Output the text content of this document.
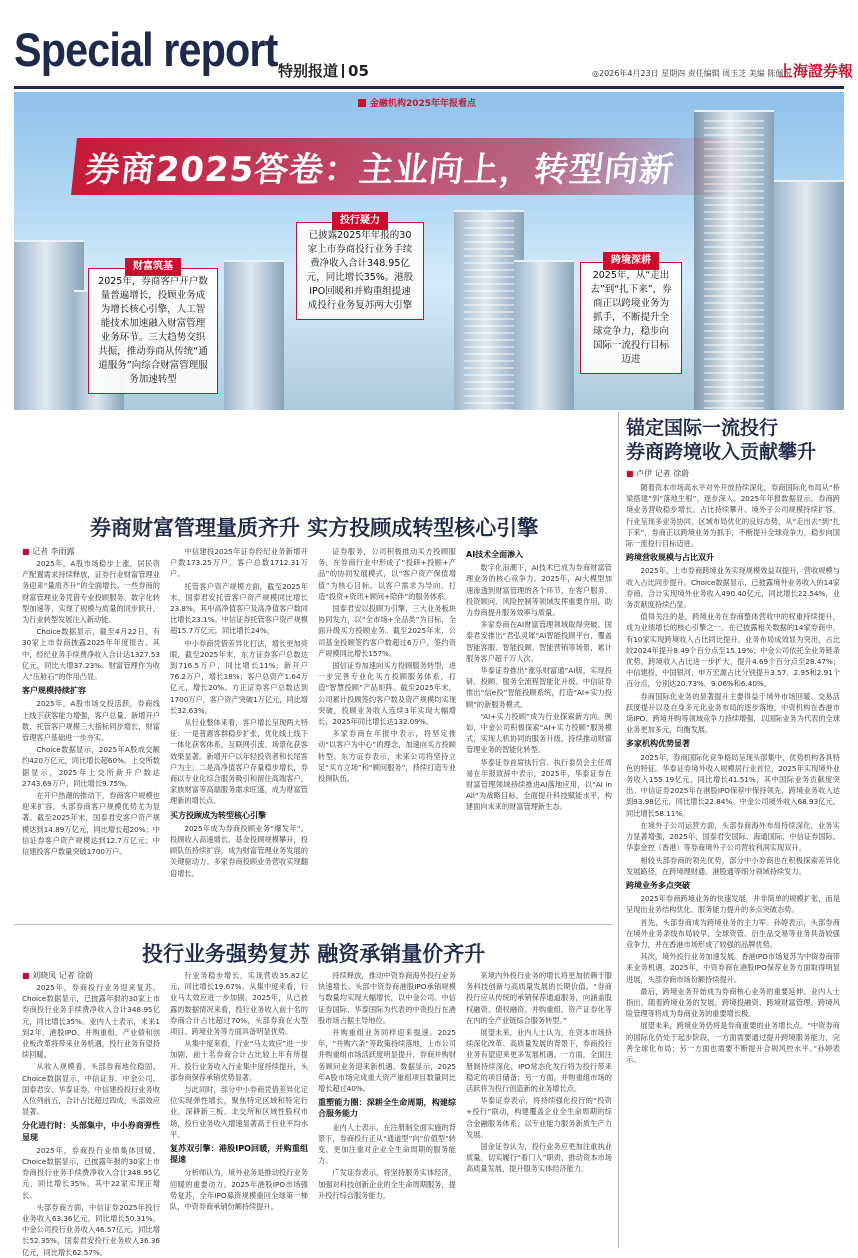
Special report 特别报道 05	◎2026年4月23日 星期四 责任编辑 周玉芝 美编 陈佩祝
上海證券報
金融机构2025年年报看点
券商2025答卷：主业向上，转型向新
财富筑基
2025年，券商客户开户数量普遍增长，投顾业务成为增长核心引擎，人工智能技术加速融入财富管理业务环节。三大趋势交织共振，推动券商从传统“通道服务”向综合财富管理服务加速转型
投行疑力
已披露2025年年报的30家上市券商投行业务手续费净收入合计348.95亿元，同比增长35%。港股IPO回暖和并购重组提速成投行业务复苏两大引擎
跨境深耕
2025年，从“走出去”到“扎下来”，券商正以跨境业务为抓手，不断提升全球竞争力，稳步向国际一流投行目标迈进
锚定国际一流投行
券商跨境收入贡献攀升
■ 卢伊 记者 徐蔚

随着资本市场高水平对外开放持续深化，券商国际化布局从“桥梁搭建”到“落地生根”，逐步深入。2025年年报数据显示，券商跨境业务营收稳步增长、占比持续攀升。境外子公司规模持续扩容，行业呈现多业务协同、区域布局优化的良好态势，从“走出去”到“扎下来”，券商正以跨境业务为抓手，不断提升全球竞争力，稳步向国际一流投行目标迈进。

跨境营收规模与占比双升

2025年，上市券商跨境业务实现规模效益双提升，营收规模与收入占比同步提升。Choice数据显示，已披露境外业务收入的14家券商，合计实现境外业务收入490.40亿元，同比增长22.54%，业务贡献度持续凸显。

值得关注的是，跨境业务在券商整体营收中的权重持续提升，成为业绩增长的核心引擎之一。在已披露相关数据的14家券商中，有10家实现跨境收入占比同比提升，业务布局成效显为突出，占比较2024年提升8.49个百分点至15.19%；中金公司依托全业务链条优势，跨境收入占比进一步扩大，提升4.69个百分点至28.47%；中信建投、中国银河、申万宏源占比分别提升3.57、2.95和2.91个百分点，分别达20.73%、9.06%和6.40%。

券商国际化业务的显著提升主要得益于境外市场回暖、交易活跃度提升以及自身多元化业务布局的逐步落地，中资机构在香港市场IPO、跨境并购等领域竞争力持续增强，以国际业务为代表的全球业务更加多元、均衡发展。

多家机构优势显著

2025年，券商国际化竞争格局呈现头部集中、优势机构各具特色的特征。华泰证券境外收入规模居行业首位，2025年实现境外业务收入155.19亿元，同比增长41.51%，其中国际业务贡献度突出。中信证券2025年在港股IPO保荐中保持领先，跨境业务收入达到93.98亿元，同比增长22.84%。中金公司境外收入68.93亿元，同比增长58.11%。

在境外子公司运营方面，头部券商海外布局持续深化，业务实力显著增强，2025年，国泰君安国际、海通国际、中信证券国际、华泰金控（香港）等券商境外子公司营收利润实现双升。

相较头部券商的领先优势，部分中小券商也在积极探索差异化发展路径，在跨境理财通、港股通等细分领域持续发力。

跨境业务多点突破

2025年券商跨境业务的快速发展，并非简单的规模扩张，而是呈现出业务结构优化、服务能力提升的多点突破态势。

首先，头部券商成为跨境业务的主力军。孙婷表示，头部券商在境外业务条线布局较早，全球资管、衍生品交易等业务具备较强竞争力，并在香港市场形成了较强的品牌优势。

其次，境外投行业务加速发展。香港IPO市场复苏为中资券商带来业务机遇，2025年，中资券商在港股IPO保荐业务方面取得明显进展，头部券商市场份额持续提升。

最后，跨境业务开始成为券商核心业务的重要延伸。业内人士指出，随着跨境业务的发展，跨境投融资、跨境财富管理、跨境风险管理等将成为券商业务的重要增长极。

展望未来，跨境业务仍将是券商重要的业务增长点。“中资券商的国际化仍处于起步阶段，一方面需要通过提升跨境服务能力，完善全球化布局；另一方面也需要不断提升合规风控水平。”孙婷表示。

券商财富管理量质齐升 实方投顾成转型核心引擎
■ 记者 李雨露

2025年，A股市场稳步上涨，居民资产配置需求持续释放，证券行业财富管理业务迎来“量质齐升”的全面增长。一些券商的财富管理业务凭借专业投顾服务、数字化转型加速等，实现了规模与质量的同步跃升，为行业转型发展注入新动能。

Choice数据显示，截至4月22日，有30家上市券商披露2025年年度报告。其中，经纪业务手续费净收入合计达1327.53亿元，同比大增37.23%。财富管理作为收入“压舱石”的作用凸显。

客户规模持续扩容

2025年，A股市场交投活跃，券商线上线下获客能力增强，客户总量、新增开户数、托管客户规模三大指标同步增长，财富管理客户基础进一步夯实。

Choice数据显示，2025年A股成交额约420万亿元，同比增长超60%。上交所数据显示，2025年上交所新开户数达2743.69万户，同比增长9.75%。

在开户热潮的推动下，券商客户规模也迎来扩容，头部券商客户规模优势尤为显著。截至2025年末，国泰君安客户资产规模达到14.89万亿元，同比增长超20%；中信证券客户资产规模达到12.7万亿元；中信建投客户数量突破1700万户。

中信建投2025年证券经纪业务新增开户数173.25万户，客户总数1712.31万户。

托管客户资产规模方面，截至2025年末，国泰君安托管客户资产规模同比增长23.8%，其中高净值客户及高净值客户数同比增长23.1%。中信证券托管客户资产规模超15.7万亿元，同比增长24%。

中小券商凭借差异化打法，增长更加亮眼，截至2025年末，东方证券客户总数达到716.5万户，同比增长11%；新开户76.2万户，增长18%；客户总资产1.64万亿元，增长20%。方正证券客户总数达到1700万户，客户资产突破1万亿元，同比增长32.63%。

从行业整体来看，客户增长呈现两大特征：一是普惠客群稳步扩张，优化线上线下一体化获客体系，互联网引流、场景化获客效果显著。新增开户以年轻投资者和长尾客户为主；二是高净值客户存量稳步增长，券商以专业化综合服务吸引和留住高端客户，家族财富等高端服务需求旺盛，成为财富管理新的增长点。

买方投顾成为转型核心引擎

2025年成为券商投顾业务“爆发年”。投顾收入高速增长，基金投顾规模攀升，投顾队伍持续扩容，成为财富管理业务发展的关键驱动力。多家券商投顾业务营收实现翻倍增长。

证券服务，公司积极推动买方投顾服务，在券商行业中形成了“投研+投顾+产品”的协同发展模式，以“客户资产保值增值”为核心目标。以客户需求为导向，打造“投资+资讯+顾问+陪伴”的服务体系。

国泰君安以投顾为引擎，三大业务板块协同发力，以“全市场+全品类”为目标，全面升级买方投顾业务。截至2025年末，公司基金投顾签约客户数超过6万户，签约资产规模同比增长157%。

国信证券加速向买方投顾服务转型，进一步完善专业化买方投顾服务体系，打造“智慧投顾”产品矩阵。截至2025年末，公司累计投顾签约客户数及资产规模均实现突破，投顾业务收入连续3年实现大幅增长，2025年同比增长达132.09%。

多家券商在年报中表示，将坚定推动“以客户为中心”的理念，加速向买方投顾转型。东方证券表示，未来公司将坚持立足“买方立场”和“顾问服务”，持续打造专业投顾队伍。

AI技术全面渗入

数字化浪潮下，AI技术已成为券商财富管理业务的核心竞争力。2025年，AI大模型加速渗透到财富管理的各个环节，在客户服务、投资顾问、风险控制等领域发挥重要作用，助力券商提升服务效率与质量。

多家券商在AI财富管理领域取得突破。国泰君安推出“君弘灵犀”AI智能投顾平台，覆盖智能客服、智能投顾、智能营销等场景，累计服务客户超千万人次。

华泰证券推出“涨乐财富通”AI版，实现投研、投顾、服务全流程智能化升级。中信证券推出“信e投”智能投顾系统，打造“AI+实力投顾”的新服务模式。

“AI+实力投顾”成为行业探索新方向。例如，中金公司积极探索“AI+实力投顾”服务模式，实现人机协同的服务升级，持续推动财富管理业务的智能化转型。

华泰证券首席执行官、执行委员会主任周易在年报致辞中表示，2025年，华泰证券在财富管理领域持续推进AI落地应用，以“AI in All”为战略目标，全面提升科技赋能水平，构建面向未来的财富管理新生态。

投行业务强势复苏 融资承销量价齐升
■ 刘晓凤 记者 徐蔚

2025年，券商投行业务迎来复苏。Choice数据显示，已披露年报的30家上市券商投行业务手续费净收入合计348.95亿元，同比增长35%。业内人士表示，未来1到2年，港股IPO、并购重组、产业债和创业板改革将带来业务机遇，投行业务有望持续回暖。

从收入规模看，头部券商地位稳固。Choice数据显示，中信证券、中金公司、国泰君安、华泰证券、中信建投投行业务收入位列前五，合计占比超过四成，头部效应显著。

分化进行时：头部集中，中小券商弹性显现

2025年，券商投行业绩集体回暖。Choice数据显示，已披露年报的30家上市券商投行业务手续费净收入合计348.95亿元，同比增长35%，其中22家实现正增长。

头部券商方面，中信证券2025年投行业务收入63.36亿元，同比增长50.31%，中金公司投行业务收入46.57亿元，同比增长52.35%，国泰君安投行业务收入36.36亿元，同比增长62.57%。

行业务稳步增长，实现营收35.82亿元，同比增长19.67%。从集中度来看，行业马太效应进一步加剧，2025年，从已披露的数据情况来看，投行业务收入前十名的券商合计占比超过70%，头部券商在大型项目、跨境业务等方面具备明显优势。

从集中度来看，行业“马太效应”进一步加剧，前十名券商合计占比较上年有所提升。投行业务收入行业集中度持续提升，头部券商保荐承销优势显著。

与此同时，部分中小券商凭借差异化定位实现弹性增长，聚焦特定区域和特定行业，深耕新三板、北交所和区域性股权市场，投行业务收入增速显著高于行业平均水平。

复苏双引擎：港股IPO回暖，并购重组提速

分析师认为，境外业务是推动投行业务回暖的重要动力。2025年港股IPO市场强势复苏，全年IPO募资规模重回全球第一梯队，中资券商承销份额持续提升。

持续释放，推动中资券商海外投行业务快速增长。头部中资券商港股IPO承销规模与数量均实现大幅增长，以中金公司、中信证券国际、华泰国际为代表的中资投行在港股市场占据主导地位。

并购重组业务同样迎来提速。2025年，“并购六条”等政策持续落地，上市公司并购重组市场活跃度明显提升，券商并购财务顾问业务迎来新机遇。数据显示，2025年A股市场完成重大资产重组项目数量同比增长超过40%。

重塑能力圈：深耕全生命周期，构建综合服务能力

业内人士表示，在注册制全面实施的背景下，券商投行正从“通道型”向“价值型”转变，更加注重对企业全生命周期的服务能力。

广发证券表示，将坚持服务实体经济，加强对科技创新企业的全生命周期服务，提升投行综合服务能力。

来境内外投行业务的增长将更加依赖于服务科技创新与高质量发展的长期价值。“券商投行应从传统的承销保荐通道服务，向涵盖股权融资、债权融资、并购重组、资产证券化等在内的全产业链综合服务转型。”

展望未来，业内人士认为，在资本市场持续深化改革、高质量发展的背景下，券商投行业务有望迎来更多发展机遇。一方面，全面注册制持续深化，IPO常态化发行将为投行带来稳定的项目储备；另一方面，并购重组市场的活跃将为投行创造新的业务增长点。

华泰证券表示，将持续强化投行的“投资+投行”联动，构建覆盖企业全生命周期的综合金融服务体系，以专业能力服务新质生产力发展。

国金证券认为，投行业务应更加注重执业质量，切实履行“看门人”职责，推动资本市场高质量发展，提升服务实体经济能力。
